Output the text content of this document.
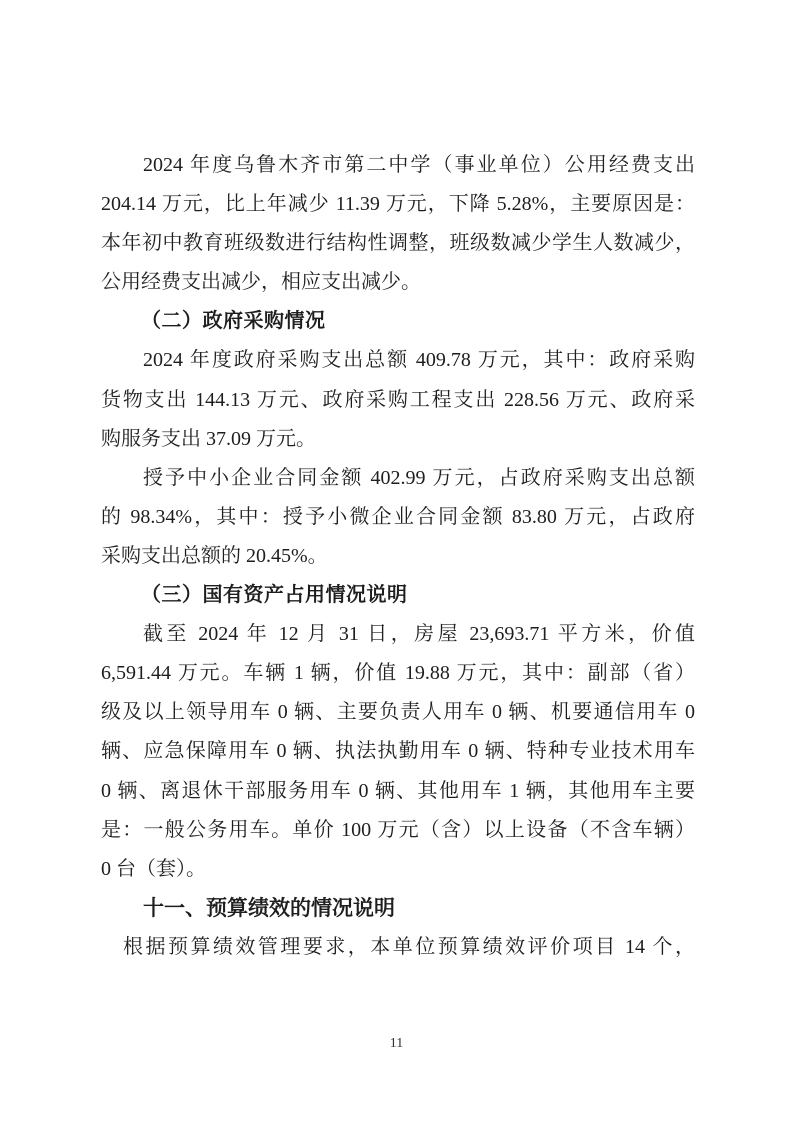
2024 年度乌鲁木齐市第二中学（事业单位）公用经费支出
204.14 万元，比上年减少 11.39 万元，下降 5.28%，主要原因是：
本年初中教育班级数进行结构性调整，班级数减少学生人数减少，
公用经费支出减少，相应支出减少。
（二）政府采购情况
2024 年度政府采购支出总额 409.78 万元，其中：政府采购
货物支出 144.13 万元、政府采购工程支出 228.56 万元、政府采
购服务支出 37.09 万元。
授予中小企业合同金额 402.99 万元，占政府采购支出总额
的 98.34%，其中：授予小微企业合同金额 83.80 万元，占政府
采购支出总额的 20.45%。
（三）国有资产占用情况说明
截至 2024 年 12 月 31 日，房屋 23,693.71 平方米，价值
6,591.44 万元。车辆 1 辆，价值 19.88 万元，其中：副部（省）
级及以上领导用车 0 辆、主要负责人用车 0 辆、机要通信用车 0
辆、应急保障用车 0 辆、执法执勤用车 0 辆、特种专业技术用车
0 辆、离退休干部服务用车 0 辆、其他用车 1 辆，其他用车主要
是：一般公务用车。单价 100 万元（含）以上设备（不含车辆）
0 台（套）。
十一、预算绩效的情况说明
根据预算绩效管理要求，本单位预算绩效评价项目 14 个，
11
